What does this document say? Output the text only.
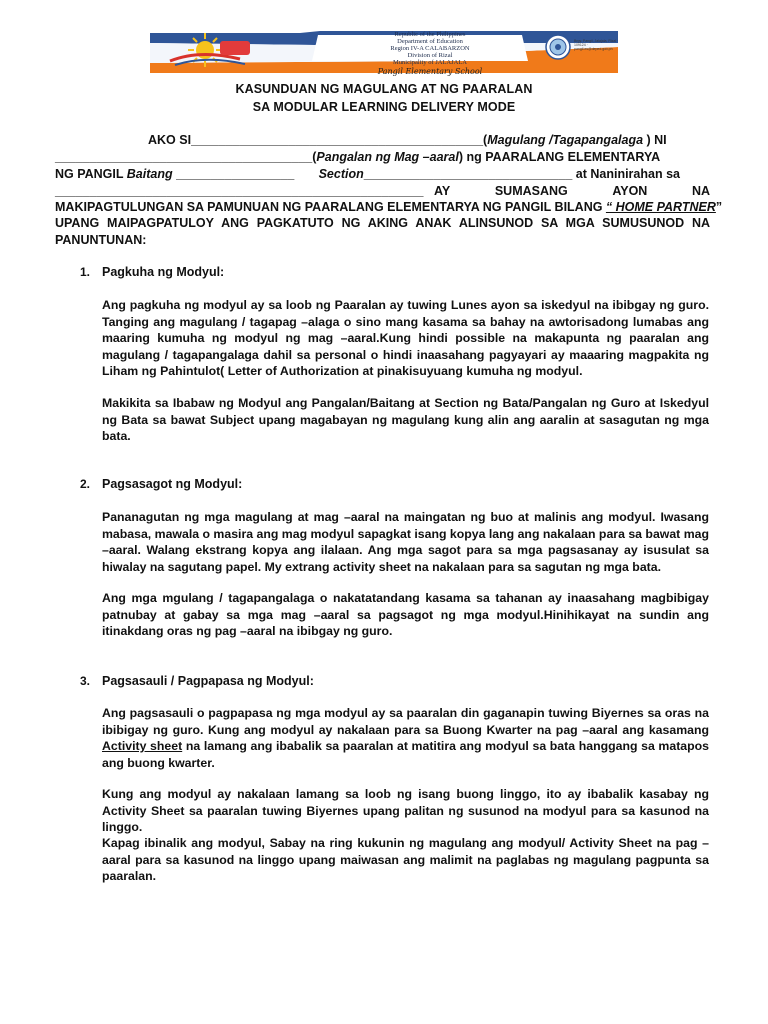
Republic of the Philippines
Department of Education
Region IV-A CALABARZON
Division of Rizal
Municipality of JALAJALA
Pangil Elementary School
Brgy. Pangil, Jalajala, Rizal · 109124 · pangil.es@deped.gov.ph
KASUNDUAN NG MAGULANG AT NG PAARALAN
SA MODULAR LEARNING DELIVERY MODE
AKO SI__________________________________________(Magulang /Tagapangalaga ) NI
_____________________________________(Pangalan ng Mag –aaral) ng PAARALANG ELEMENTARYA
NG PANGIL Baitang _________________ Section______________________________ at Naninirahan sa
_____________________________________________________ AY	SUMASANG	AYON	NA
MAKIPAGTULUNGAN SA PAMUNUAN NG PAARALANG ELEMENTARYA NG PANGIL BILANG “ HOME PARTNER”
UPANG MAIPAGPATULOY ANG PAGKATUTO NG AKING ANAK ALINSUNOD SA MGA SUMUSUNOD NA
PANUNTUNAN:
1. Pagkuha ng Modyul:
Ang pagkuha ng modyul ay sa loob ng Paaralan ay tuwing Lunes ayon sa iskedyul na ibibgay ng guro. Tanging ang magulang / tagapag –alaga o sino mang kasama sa bahay na awtorisadong lumabas ang maaring kumuha ng modyul ng mag –aaral.Kung hindi possible na makapunta ng paaralan ang magulang / tagapangalaga dahil sa personal o hindi inaasahang pagyayari ay maaaring magpakita ng Liham ng Pahintulot( Letter of Authorization at pinakisuyuang kumuha ng modyul.
Makikita sa Ibabaw ng Modyul ang Pangalan/Baitang at Section ng Bata/Pangalan ng Guro at Iskedyul ng Bata sa bawat Subject upang magabayan ng magulang kung alin ang aaralin at sasagutan ng mga bata.
2. Pagsasagot ng Modyul:
Pananagutan ng mga magulang at mag –aaral na maingatan ng buo at malinis ang modyul. Iwasang mabasa, mawala o masira ang mag modyul sapagkat isang kopya lang ang nakalaan para sa bawat mag –aaral. Walang ekstrang kopya ang ilalaan. Ang mga sagot para sa mga pagsasanay ay isusulat sa hiwalay na sagutang papel. My extrang activity sheet na nakalaan para sa sagutan ng mga bata.
Ang mga mgulang / tagapangalaga o nakatatandang kasama sa tahanan ay inaasahang magbibigay patnubay at gabay sa mga mag –aaral sa pagsagot ng mga modyul.Hinihikayat na sundin ang itinakdang oras ng pag –aaral na ibibgay ng guro.
3. Pagsasauli / Pagpapasa ng Modyul:
Ang pagsasauli o pagpapasa ng mga modyul ay sa paaralan din gaganapin tuwing Biyernes sa oras na ibibigay ng guro. Kung ang modyul ay nakalaan para sa Buong Kwarter na pag –aaral ang kasamang Activity sheet na lamang ang ibabalik sa paaralan at matitira ang modyul sa bata hanggang sa matapos ang buong kwarter.
Kung ang modyul ay nakalaan lamang sa loob ng isang buong linggo, ito ay ibabalik kasabay ng Activity Sheet sa paaralan tuwing Biyernes upang palitan ng susunod na modyul para sa kasunod na linggo.
Kapag ibinalik ang modyul, Sabay na ring kukunin ng magulang ang modyul/ Activity Sheet na pag –aaral para sa kasunod na linggo upang maiwasan ang malimit na paglabas ng magulang pagpunta sa paaralan.
